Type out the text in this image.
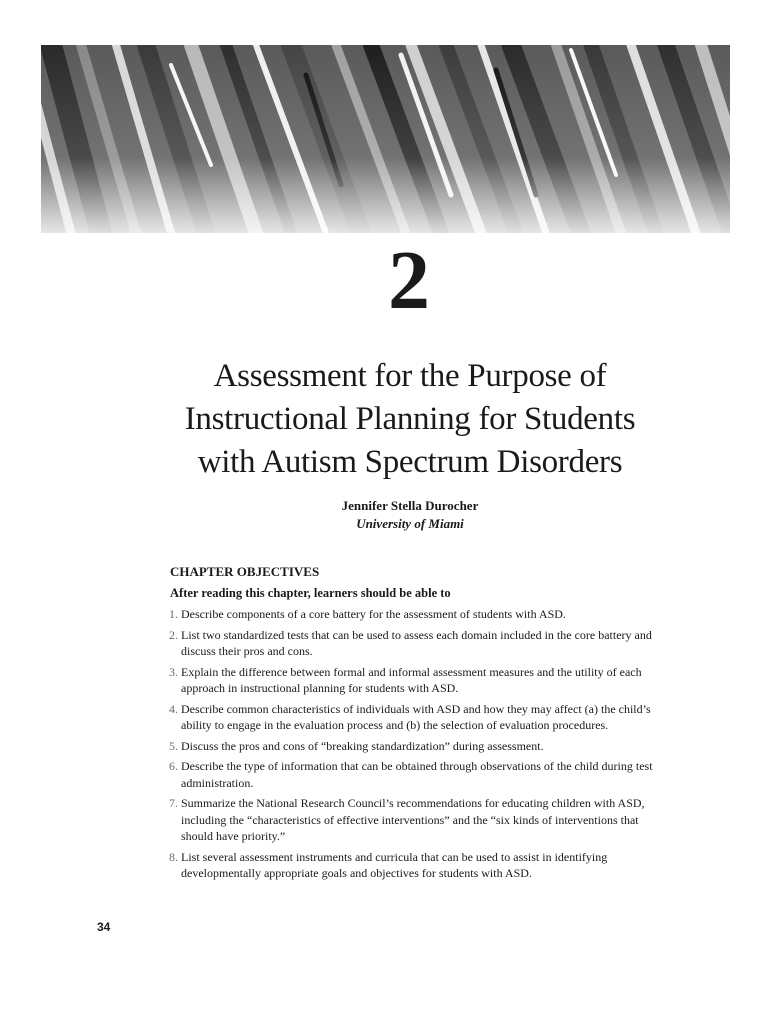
2
Assessment for the Purpose of
Instructional Planning for Students
with Autism Spectrum Disorders
Jennifer Stella Durocher
University of Miami
CHAPTER OBJECTIVES
After reading this chapter, learners should be able to
1. Describe components of a core battery for the assessment of students with ASD.
2. List two standardized tests that can be used to assess each domain included in the core battery and discuss their pros and cons.
3. Explain the difference between formal and informal assessment measures and the utility of each approach in instructional planning for students with ASD.
4. Describe common characteristics of individuals with ASD and how they may affect (a) the child’s ability to engage in the evaluation process and (b) the selection of evaluation procedures.
5. Discuss the pros and cons of “breaking standardization” during assessment.
6. Describe the type of information that can be obtained through observations of the child during test administration.
7. Summarize the National Research Council’s recommendations for educating children with ASD, including the “characteristics of effective interventions” and the “six kinds of interventions that should have priority.”
8. List several assessment instruments and curricula that can be used to assist in identifying developmentally appropriate goals and objectives for students with ASD.
34
